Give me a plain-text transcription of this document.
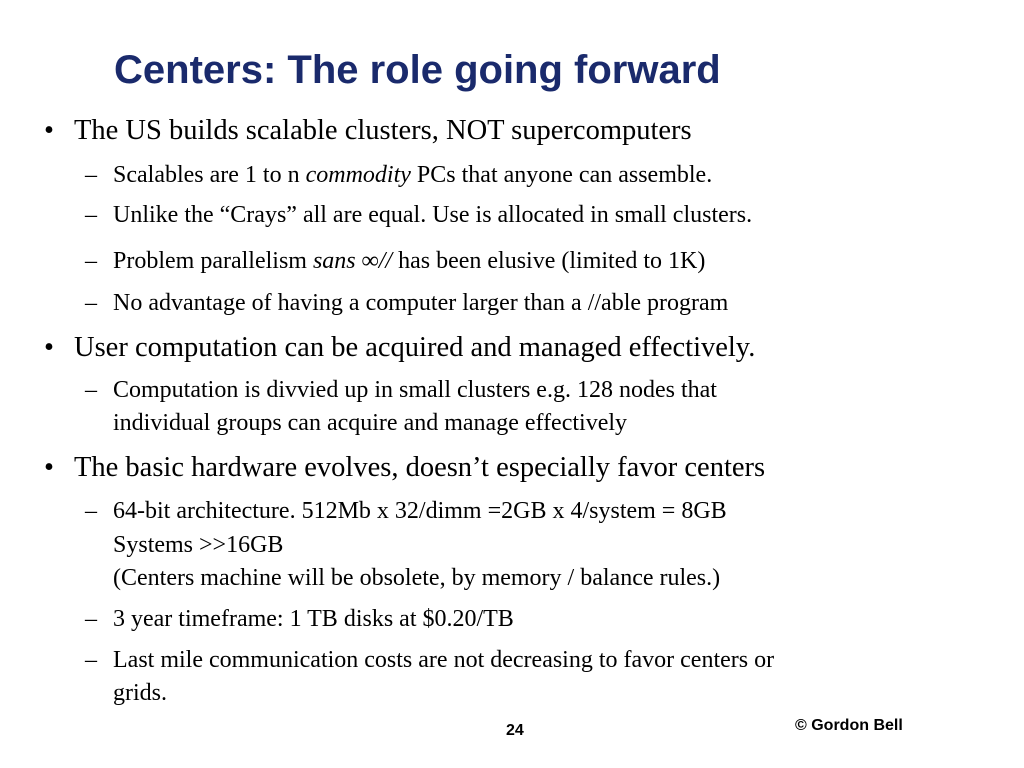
Centers: The role going forward
• The US builds scalable clusters, NOT supercomputers
– Scalables are 1 to n commodity PCs that anyone can assemble.
– Unlike the “Crays” all are equal. Use is allocated in small clusters.
– Problem parallelism sans ∞// has been elusive (limited to 1K)
– No advantage of having a computer larger than a //able program
• User computation can be acquired and managed effectively.
– Computation is divvied up in small clusters e.g. 128 nodes that
individual groups can acquire and manage effectively
• The basic hardware evolves, doesn’t especially favor centers
– 64-bit architecture. 512Mb x 32/dimm =2GB x 4/system = 8GB
Systems >>16GB
(Centers machine will be obsolete, by memory / balance rules.)
– 3 year timeframe: 1 TB disks at $0.20/TB
– Last mile communication costs are not decreasing to favor centers or
grids.
24	© Gordon Bell
